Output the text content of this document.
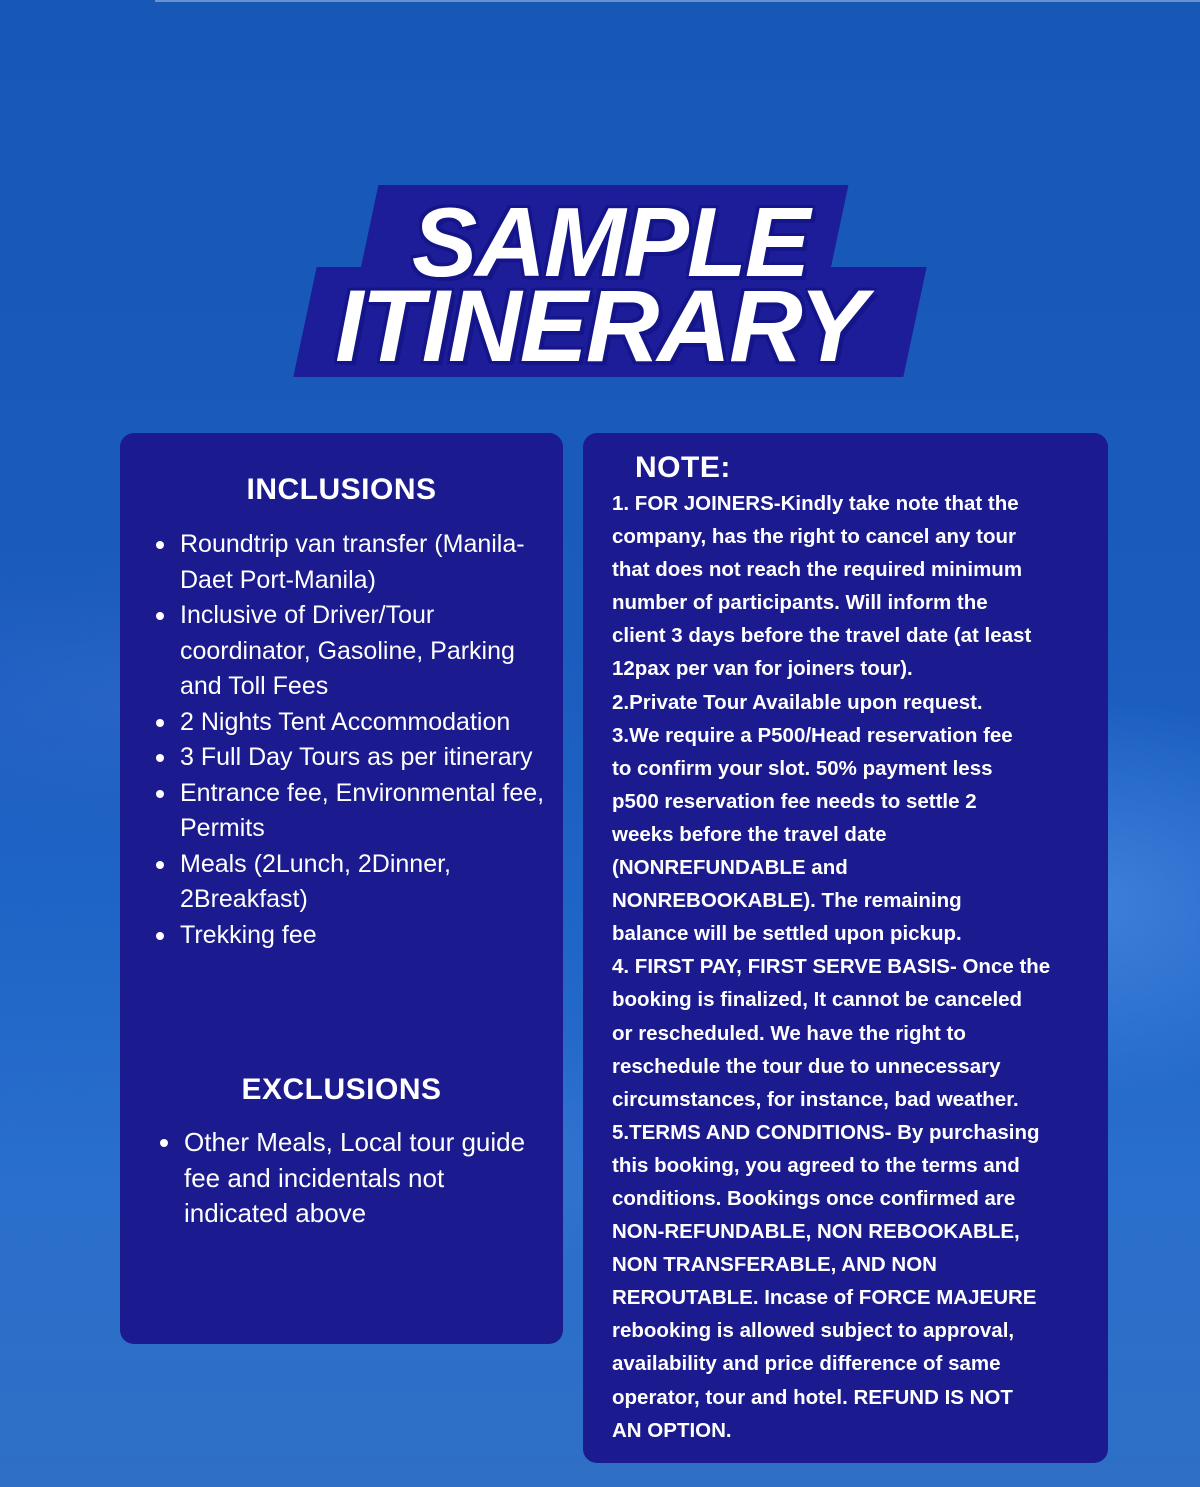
SAMPLE
ITINERARY
INCLUSIONS
Roundtrip van transfer (Manila-Daet Port-Manila)
Inclusive of Driver/Tour coordinator, Gasoline, Parking and Toll Fees
2 Nights Tent Accommodation
3 Full Day Tours as per itinerary
Entrance fee, Environmental fee, Permits
Meals (2Lunch, 2Dinner, 2Breakfast)
Trekking fee
EXCLUSIONS
Other Meals, Local tour guide fee and incidentals not indicated above
NOTE:
1. FOR JOINERS-Kindly take note that the
company, has the right to cancel any tour
that does not reach the required minimum
number of participants. Will inform the
client 3 days before the travel date (at least
12pax per van for joiners tour).
2.Private Tour Available upon request.
3.We require a P500/Head reservation fee
to confirm your slot. 50% payment less
p500 reservation fee needs to settle 2
weeks before the travel date
(NONREFUNDABLE and
NONREBOOKABLE). The remaining
balance will be settled upon pickup.
4. FIRST PAY, FIRST SERVE BASIS- Once the
booking is finalized, It cannot be canceled
or rescheduled. We have the right to
reschedule the tour due to unnecessary
circumstances, for instance, bad weather.
5.TERMS AND CONDITIONS- By purchasing
this booking, you agreed to the terms and
conditions. Bookings once confirmed are
NON-REFUNDABLE, NON REBOOKABLE,
NON TRANSFERABLE, AND NON
REROUTABLE. Incase of FORCE MAJEURE
rebooking is allowed subject to approval,
availability and price difference of same
operator, tour and hotel. REFUND IS NOT
AN OPTION.
